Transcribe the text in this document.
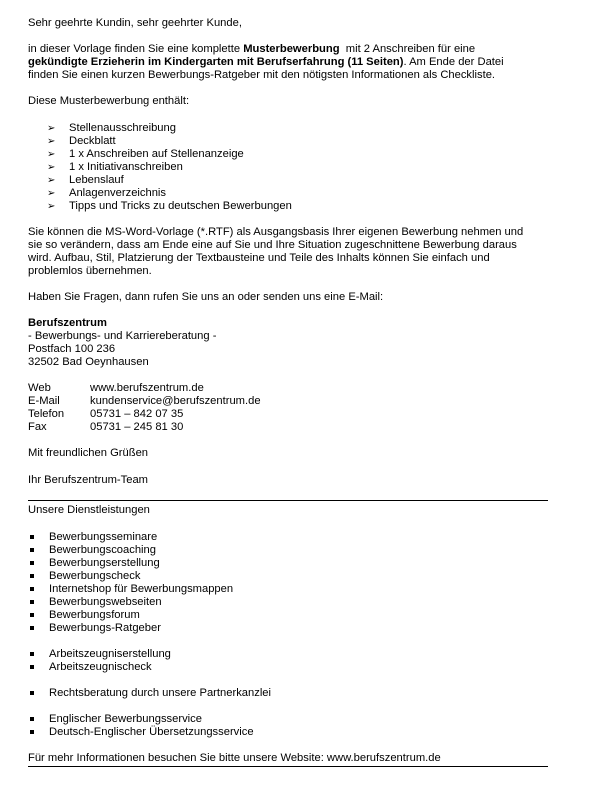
Sehr geehrte Kundin, sehr geehrter Kunde,

in dieser Vorlage finden Sie eine komplette Musterbewerbung  mit 2 Anschreiben für eine
gekündigte Erzieherin im Kindergarten mit Berufserfahrung (11 Seiten). Am Ende der Datei
finden Sie einen kurzen Bewerbungs-Ratgeber mit den nötigsten Informationen als Checkliste.

Diese Musterbewerbung enthält:

➢ Stellenausschreibung
➢ Deckblatt
➢ 1 x Anschreiben auf Stellenanzeige
➢ 1 x Initiativanschreiben
➢ Lebenslauf
➢ Anlagenverzeichnis
➢ Tipps und Tricks zu deutschen Bewerbungen

Sie können die MS-Word-Vorlage (*.RTF) als Ausgangsbasis Ihrer eigenen Bewerbung nehmen und
sie so verändern, dass am Ende eine auf Sie und Ihre Situation zugeschnittene Bewerbung daraus
wird. Aufbau, Stil, Platzierung der Textbausteine und Teile des Inhalts können Sie einfach und
problemlos übernehmen.

Haben Sie Fragen, dann rufen Sie uns an oder senden uns eine E-Mail:

Berufszentrum
- Bewerbungs- und Karriereberatung -
Postfach 100 236
32502 Bad Oeynhausen
Web	www.berufszentrum.de
E-Mail	kundenservice@berufszentrum.de
Telefon	05731 – 842 07 35
Fax	05731 – 245 81 30

Mit freundlichen Grüßen

Ihr Berufszentrum-Team

Unsere Dienstleistungen
Bewerbungsseminare
Bewerbungscoaching
Bewerbungserstellung
Bewerbungscheck
Internetshop für Bewerbungsmappen
Bewerbungswebseiten
Bewerbungsforum
Bewerbungs-Ratgeber
Arbeitszeugniserstellung
Arbeitszeugnischeck
Rechtsberatung durch unsere Partnerkanzlei
Englischer Bewerbungsservice
Deutsch-Englischer Übersetzungsservice
Für mehr Informationen besuchen Sie bitte unsere Website: www.berufszentrum.de
